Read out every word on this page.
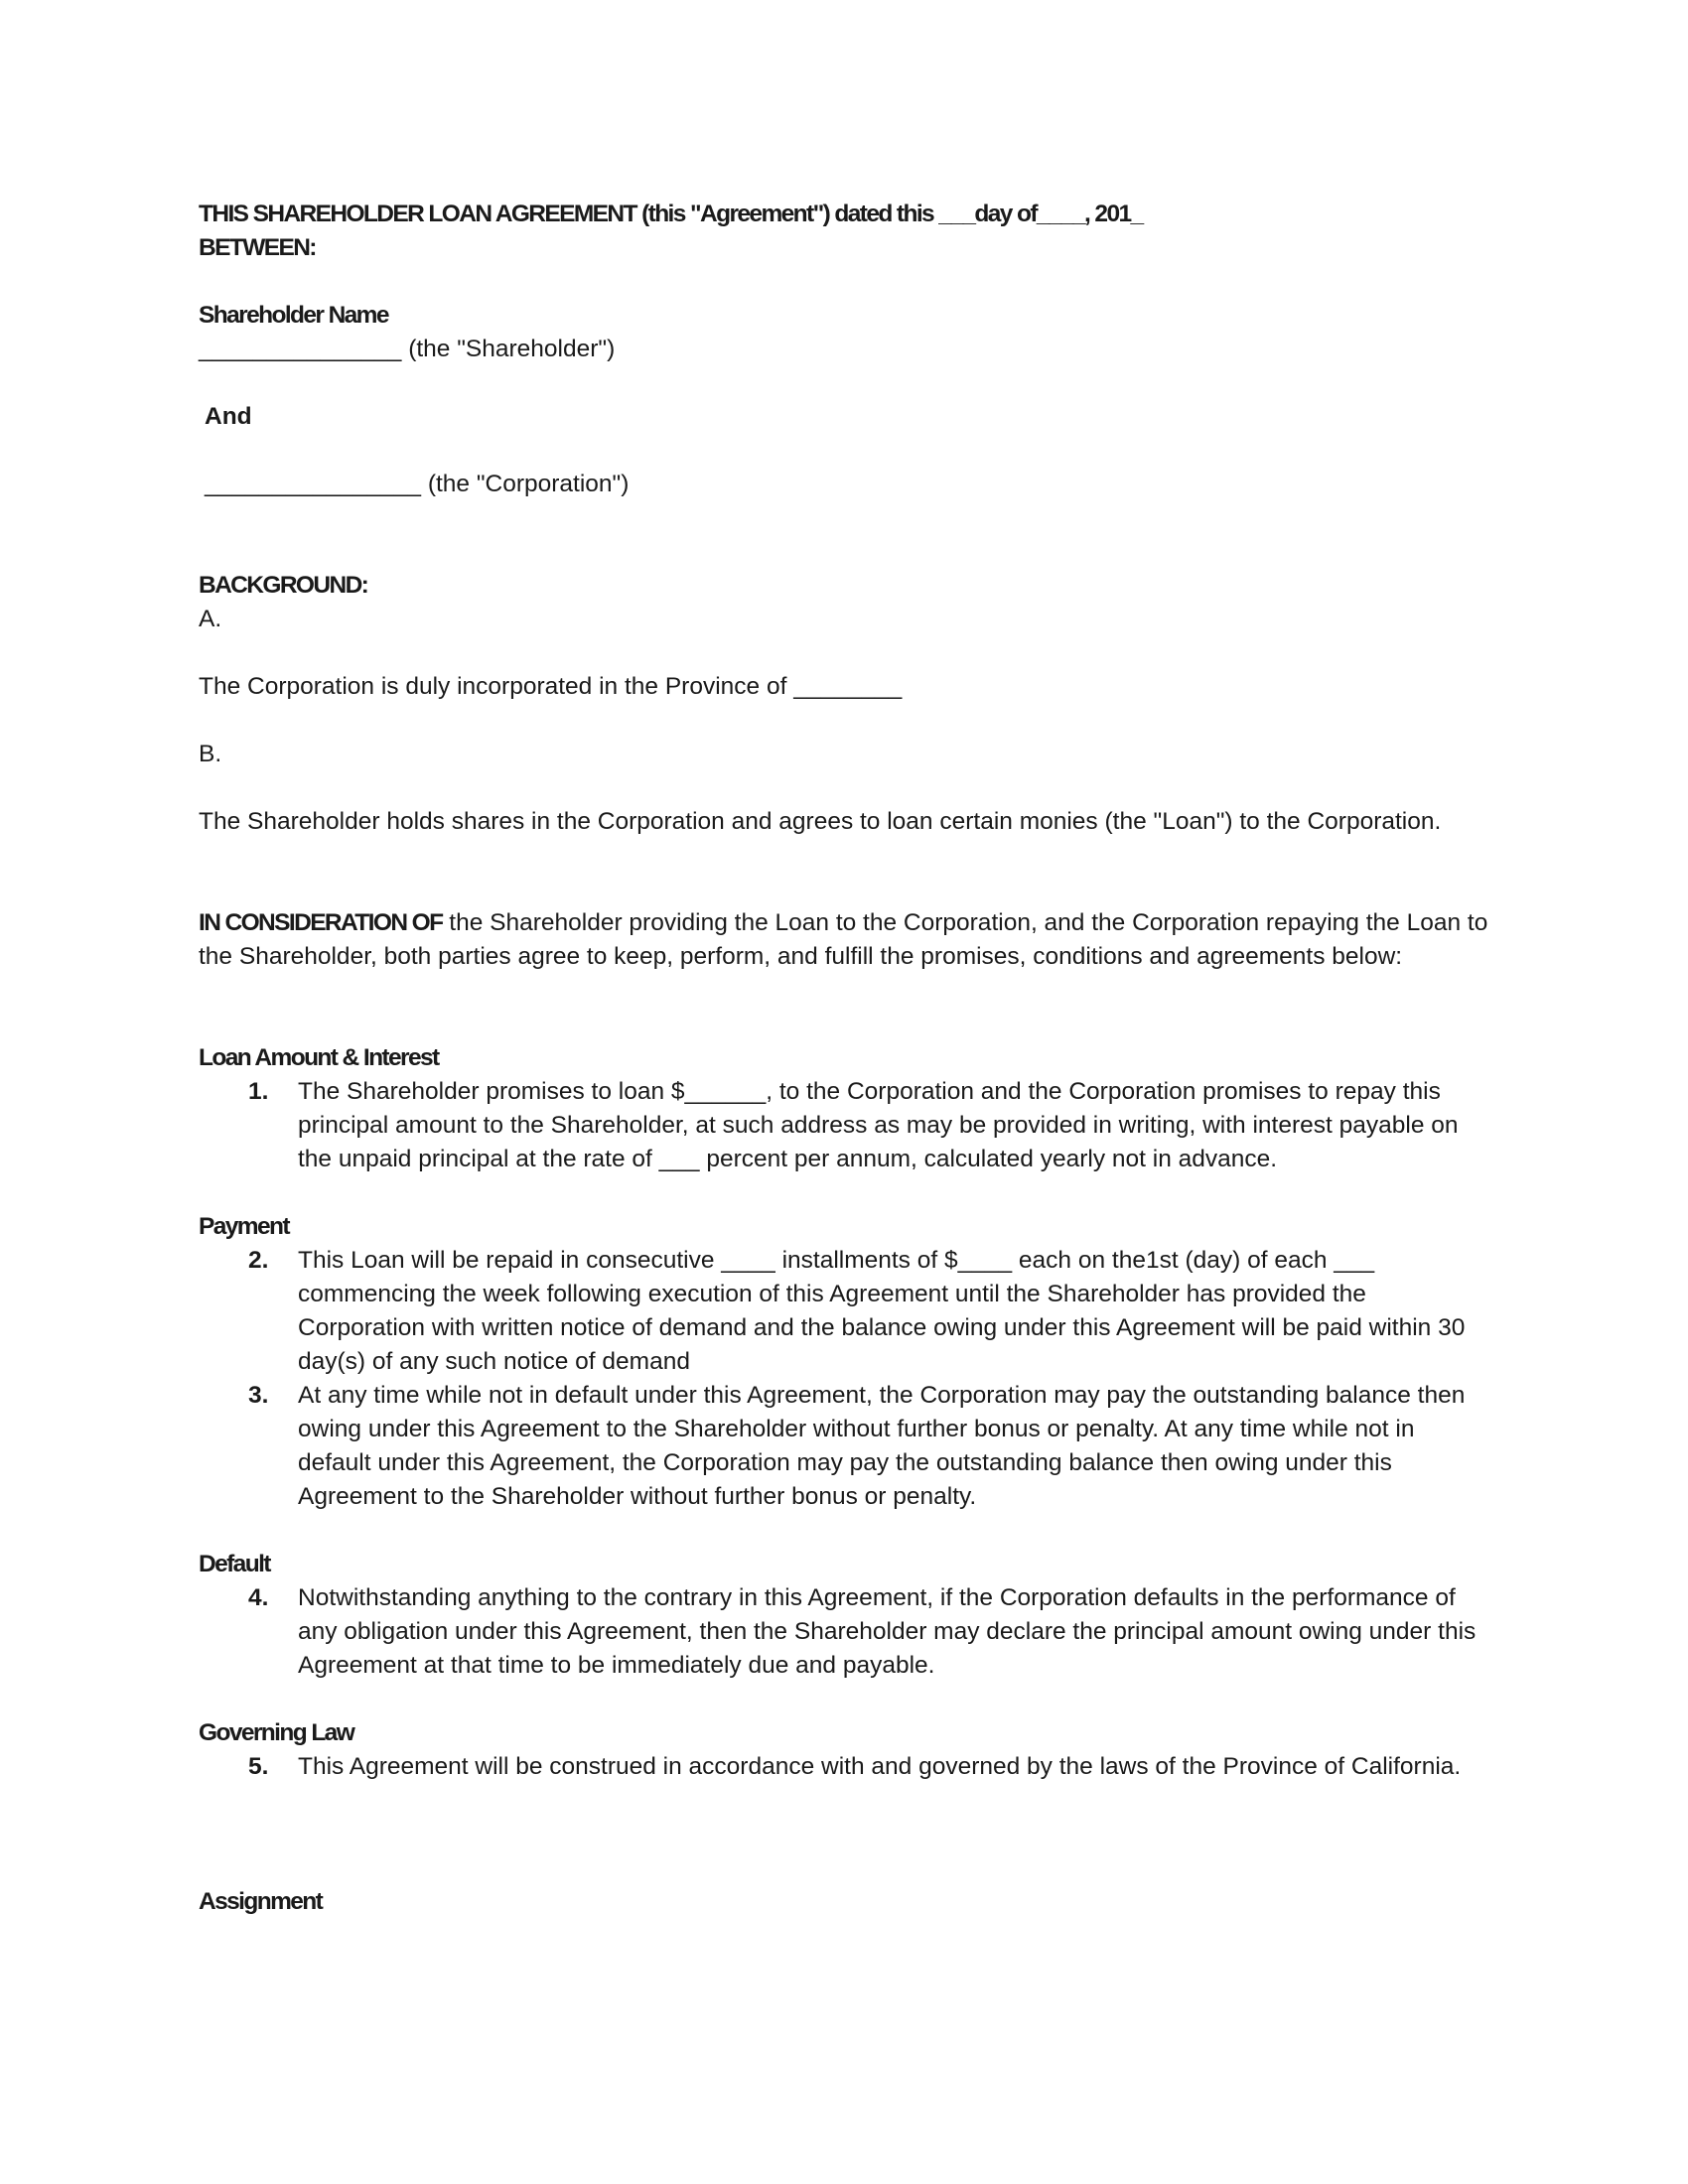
THIS SHAREHOLDER LOAN AGREEMENT (this "Agreement") dated this ___day of____, 201_
BETWEEN:
Shareholder Name
_______________ (the "Shareholder")
And
________________ (the "Corporation")
BACKGROUND:
A.
The Corporation is duly incorporated in the Province of ________
B.
The Shareholder holds shares in the Corporation and agrees to loan certain monies (the "Loan") to the Corporation.
IN CONSIDERATION OF the Shareholder providing the Loan to the Corporation, and the Corporation repaying the Loan to the Shareholder, both parties agree to keep, perform, and fulfill the promises, conditions and agreements below:
Loan Amount & Interest
1.	The Shareholder promises to loan $______, to the Corporation and the Corporation promises to repay this principal amount to the Shareholder, at such address as may be provided in writing, with interest payable on the unpaid principal at the rate of ___ percent per annum, calculated yearly not in advance.
Payment
2.	This Loan will be repaid in consecutive ____ installments of $____ each on the1st (day) of each ___ commencing the week following execution of this Agreement until the Shareholder has provided the Corporation with written notice of demand and the balance owing under this Agreement will be paid within 30 day(s) of any such notice of demand
3.	At any time while not in default under this Agreement, the Corporation may pay the outstanding balance then owing under this Agreement to the Shareholder without further bonus or penalty. At any time while not in default under this Agreement, the Corporation may pay the outstanding balance then owing under this Agreement to the Shareholder without further bonus or penalty.
Default
4.	Notwithstanding anything to the contrary in this Agreement, if the Corporation defaults in the performance of any obligation under this Agreement, then the Shareholder may declare the principal amount owing under this Agreement at that time to be immediately due and payable.
Governing Law
5.	This Agreement will be construed in accordance with and governed by the laws of the Province of California.
Assignment
